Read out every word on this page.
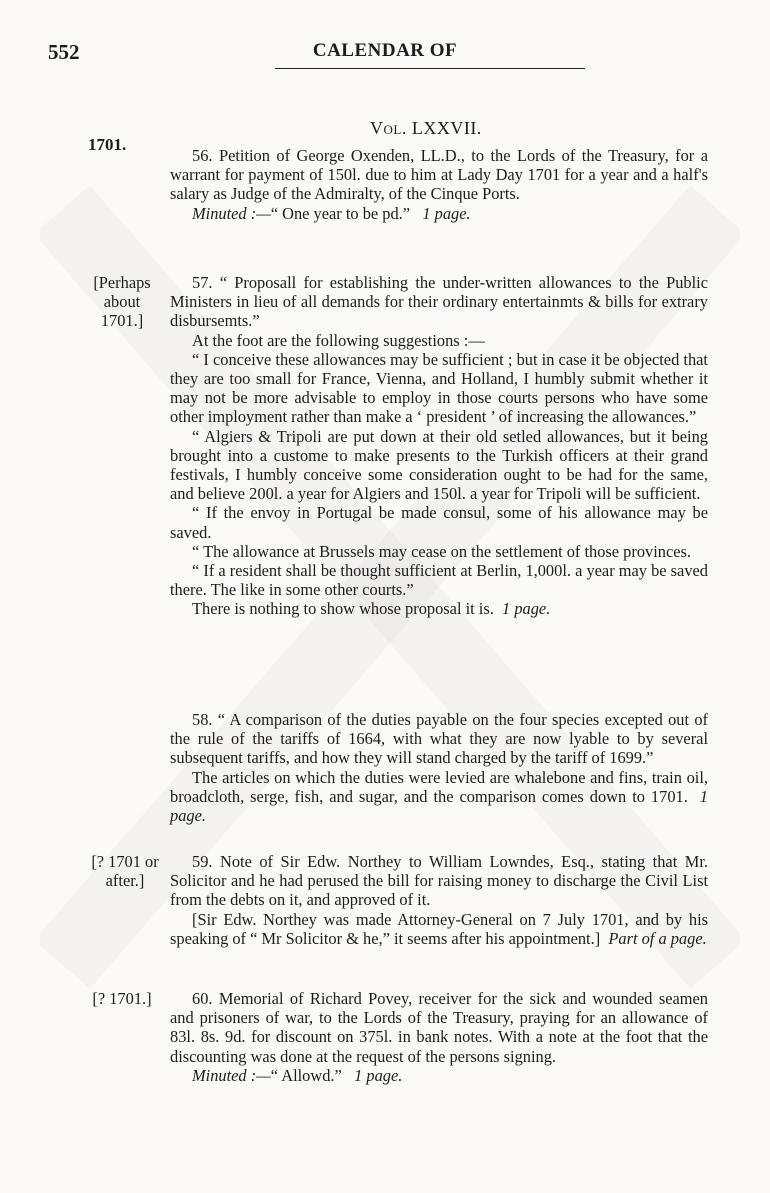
552	CALENDAR OF
Vol. LXXVII.
1701.

56. Petition of George Oxenden, LL.D., to the Lords of the Treasury, for a warrant for payment of 150l. due to him at Lady Day 1701 for a year and a half's salary as Judge of the Admiralty, of the Cinque Ports.

Minuted :—“ One year to be pd.” 1 page.

[Perhaps
about
1701.]

57. “ Proposall for establishing the under-written allowances to the Public Ministers in lieu of all demands for their ordinary entertainmts & bills for extrary disbursemts.”

At the foot are the following suggestions :—

“ I conceive these allowances may be sufficient ; but in case it be objected that they are too small for France, Vienna, and Holland, I humbly submit whether it may not be more advisable to employ in those courts persons who have some other imployment rather than make a ‘ president ’ of increasing the allowances.”

“ Algiers & Tripoli are put down at their old setled allowances, but it being brought into a custome to make presents to the Turkish officers at their grand festivals, I humbly conceive some consideration ought to be had for the same, and believe 200l. a year for Algiers and 150l. a year for Tripoli will be sufficient.

“ If the envoy in Portugal be made consul, some of his allowance may be saved.

“ The allowance at Brussels may cease on the settlement of those provinces.

“ If a resident shall be thought sufficient at Berlin, 1,000l. a year may be saved there. The like in some other courts.”

There is nothing to show whose proposal it is. 1 page.

58. “ A comparison of the duties payable on the four species excepted out of the rule of the tariffs of 1664, with what they are now lyable to by several subsequent tariffs, and how they will stand charged by the tariff of 1699.”

The articles on which the duties were levied are whalebone and fins, train oil, broadcloth, serge, fish, and sugar, and the comparison comes down to 1701. 1 page.

[? 1701 or
after.]

59. Note of Sir Edw. Northey to William Lowndes, Esq., stating that Mr. Solicitor and he had perused the bill for raising money to discharge the Civil List from the debts on it, and approved of it.

[Sir Edw. Northey was made Attorney-General on 7 July 1701, and by his speaking of “ Mr Solicitor & he,” it seems after his appointment.] Part of a page.

[? 1701.]	60. Memorial of Richard Povey, receiver for the sick and wounded seamen and prisoners of war, to the Lords of the Treasury, praying for an allowance of 83l. 8s. 9d. for discount on 375l. in bank notes. With a note at the foot that the discounting was done at the request of the persons signing.

Minuted :—“ Allowd.” 1 page.
